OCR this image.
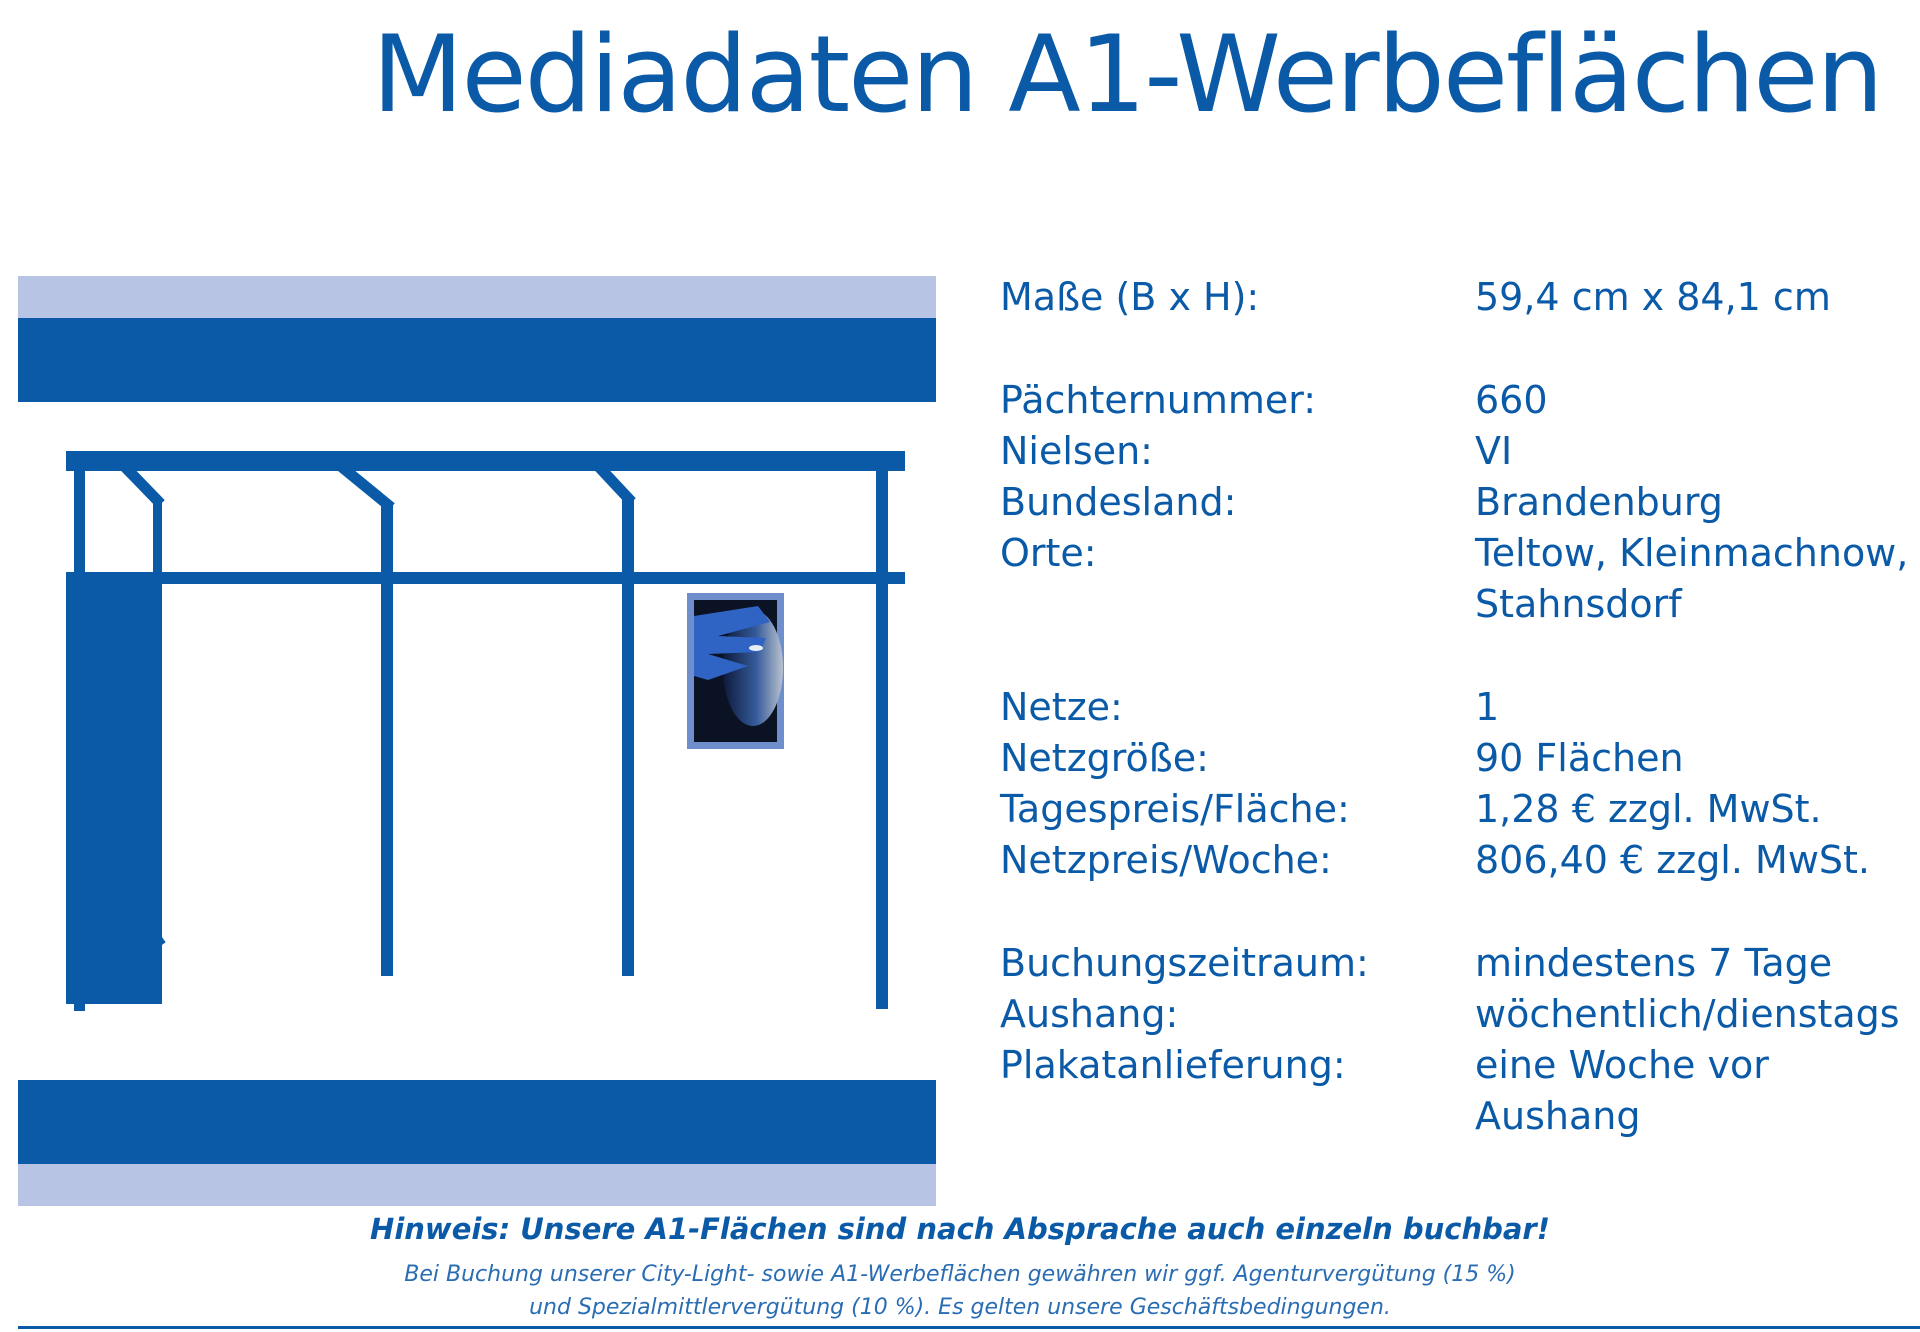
Mediadaten A1-Werbeflächen
Maße (B x H):	59,4 cm x 84,1 cm
Pächternummer:	660
Nielsen:	VI
Bundesland:	Brandenburg
Orte:	Teltow, Kleinmachnow,
Stahnsdorf
Netze:	1
Netzgröße:	90 Flächen
Tagespreis/Fläche:	1,28 € zzgl. MwSt.
Netzpreis/Woche:	806,40 € zzgl. MwSt.
Buchungszeitraum:	mindestens 7 Tage
Aushang:	wöchentlich/dienstags
Plakatanlieferung:	eine Woche vor Aushang
Hinweis: Unsere A1-Flächen sind nach Absprache auch einzeln buchbar!
Bei Buchung unserer City-Light- sowie A1-Werbeflächen gewähren wir ggf. Agenturvergütung (15 %)
und Spezialmittlervergütung (10 %). Es gelten unsere Geschäftsbedingungen.
